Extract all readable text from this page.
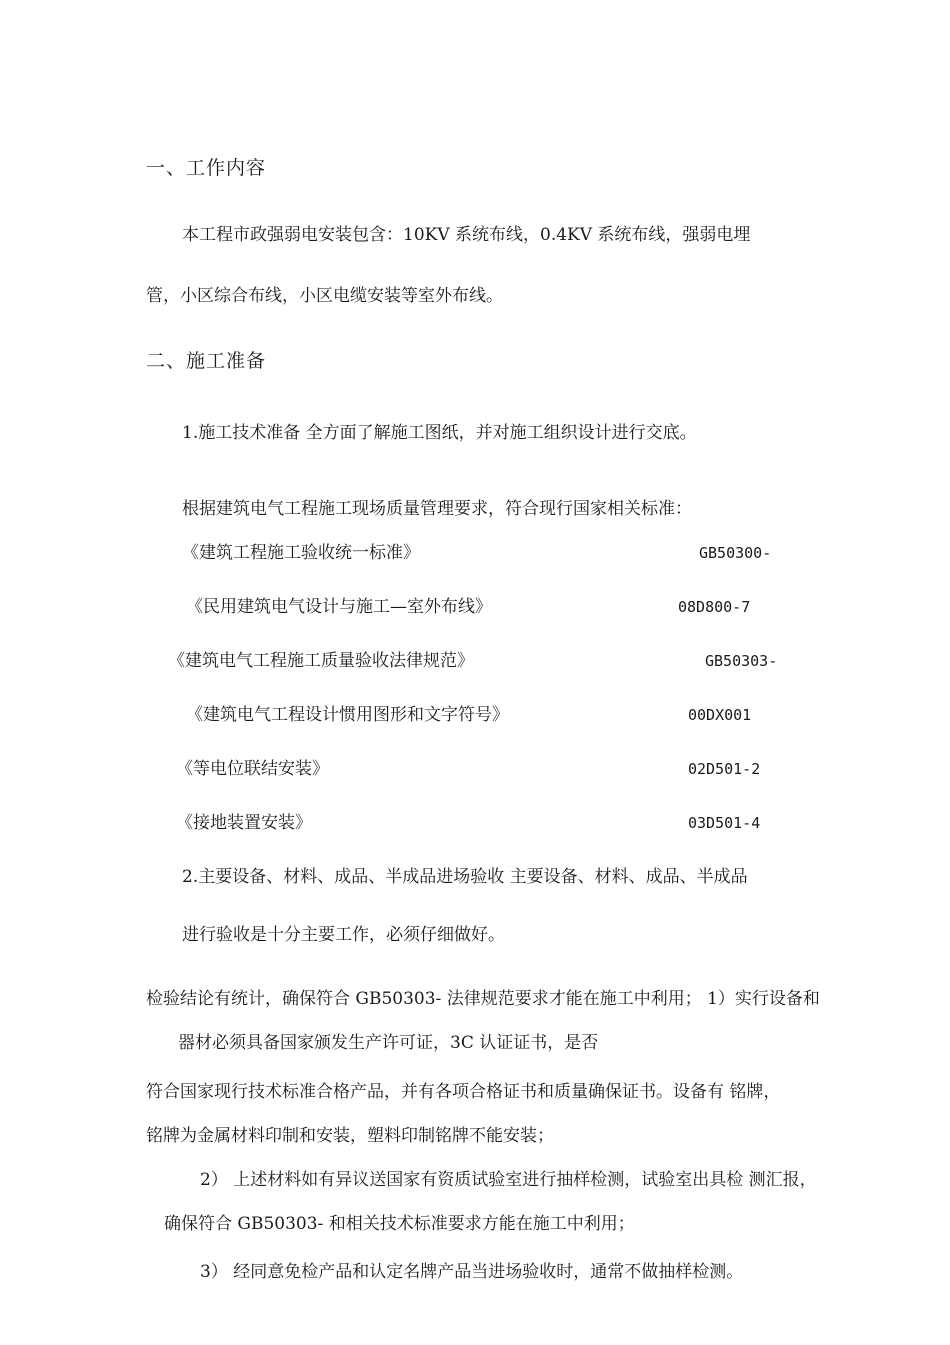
一、工作内容
本工程市政强弱电安装包含：10KV 系统布线，0.4KV 系统布线，强弱电埋
管，小区综合布线，小区电缆安装等室外布线。
二、施工准备
1.施工技术准备 全方面了解施工图纸，并对施工组织设计进行交底。
根据建筑电气工程施工现场质量管理要求，符合现行国家相关标准：
《建筑工程施工验收统一标准》	GB50300-
《民用建筑电气设计与施工—室外布线》	08D800-7
《建筑电气工程施工质量验收法律规范》	GB50303-
《建筑电气工程设计惯用图形和文字符号》	00DX001
《等电位联结安装》	02D501-2
《接地装置安装》	03D501-4
2.主要设备、材料、成品、半成品进场验收 主要设备、材料、成品、半成品
进行验收是十分主要工作，必须仔细做好。
检验结论有统计，确保符合 GB50303- 法律规范要求才能在施工中利用； 1）实行设备和
器材必须具备国家颁发生产许可证，3C 认证证书，是否
符合国家现行技术标准合格产品，并有各项合格证书和质量确保证书。设备有 铭牌，
铭牌为金属材料印制和安装，塑料印制铭牌不能安装；
2） 上述材料如有异议送国家有资质试验室进行抽样检测，试验室出具检 测汇报，
确保符合 GB50303- 和相关技术标准要求方能在施工中利用；
3） 经同意免检产品和认定名牌产品当进场验收时，通常不做抽样检测。
